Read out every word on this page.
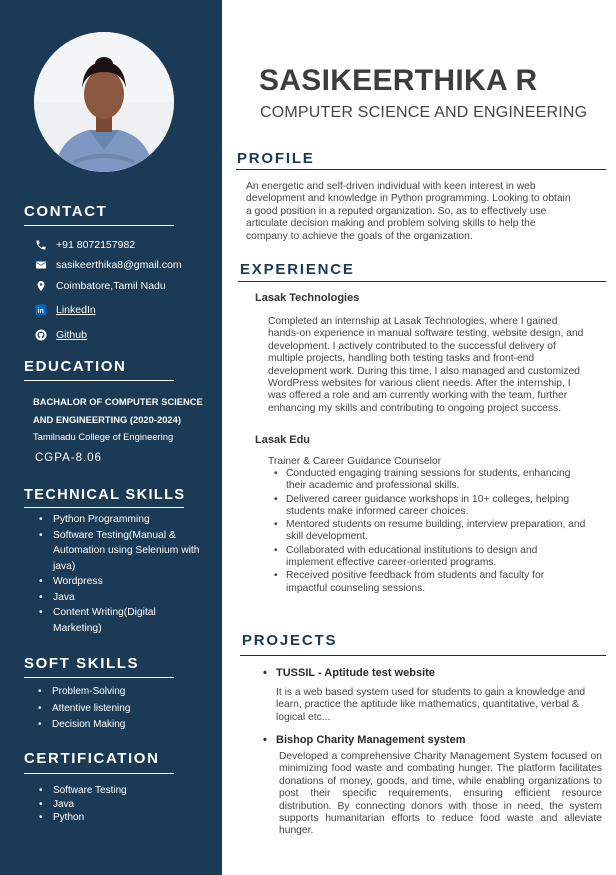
CONTACT
+91 8072157982
sasikeerthika8@gmail.com
Coimbatore,Tamil Nadu
in LinkedIn
Github
EDUCATION
BACHALOR OF COMPUTER SCIENCE AND ENGINEERTING (2020-2024)
Tamilnadu College of Engineering
CGPA-8.06
TECHNICAL SKILLS
• Python Programming
• Software Testing(Manual & Automation using Selenium with java)
• Wordpress
• Java
• Content Writing(Digital Marketing)
SOFT SKILLS
• Problem-Solving
• Attentive listening
• Decision Making
CERTIFICATION
• Software Testing
• Java
• Python
SASIKEERTHIKA R
COMPUTER SCIENCE AND ENGINEERING
PROFILE
An energetic and self-driven individual with keen interest in web development and knowledge in Python programming. Looking to obtain a good position in a reputed organization. So, as to effectively use articulate decision making and problem solving skills to help the company to achieve the goals of the organization.
EXPERIENCE
Lasak Technologies
Completed an internship at Lasak Technologies, where I gained hands-on experience in manual software testing, website design, and development. I actively contributed to the successful delivery of multiple projects, handling both testing tasks and front-end development work. During this time, I also managed and customized WordPress websites for various client needs. After the internship, I was offered a role and am currently working with the team, further enhancing my skills and contributing to ongoing project success.
Lasak Edu
Trainer & Career Guidance Counselor
• Conducted engaging training sessions for students, enhancing their academic and professional skills.
• Delivered career guidance workshops in 10+ colleges, helping students make informed career choices.
• Mentored students on resume building, interview preparation, and skill development.
• Collaborated with educational institutions to design and implement effective career-oriented programs.
• Received positive feedback from students and faculty for impactful counseling sessions.
PROJECTS
• TUSSIL - Aptitude test website
It is a web based system used for students to gain a knowledge and learn, practice the aptitude like mathematics, quantitative, verbal & logical etc...
• Bishop Charity Management system
Developed a comprehensive Charity Management System focused on minimizing food waste and combating hunger. The platform facilitates donations of money, goods, and time, while enabling organizations to post their specific requirements, ensuring efficient resource distribution. By connecting donors with those in need, the system supports humanitarian efforts to reduce food waste and alleviate hunger.
